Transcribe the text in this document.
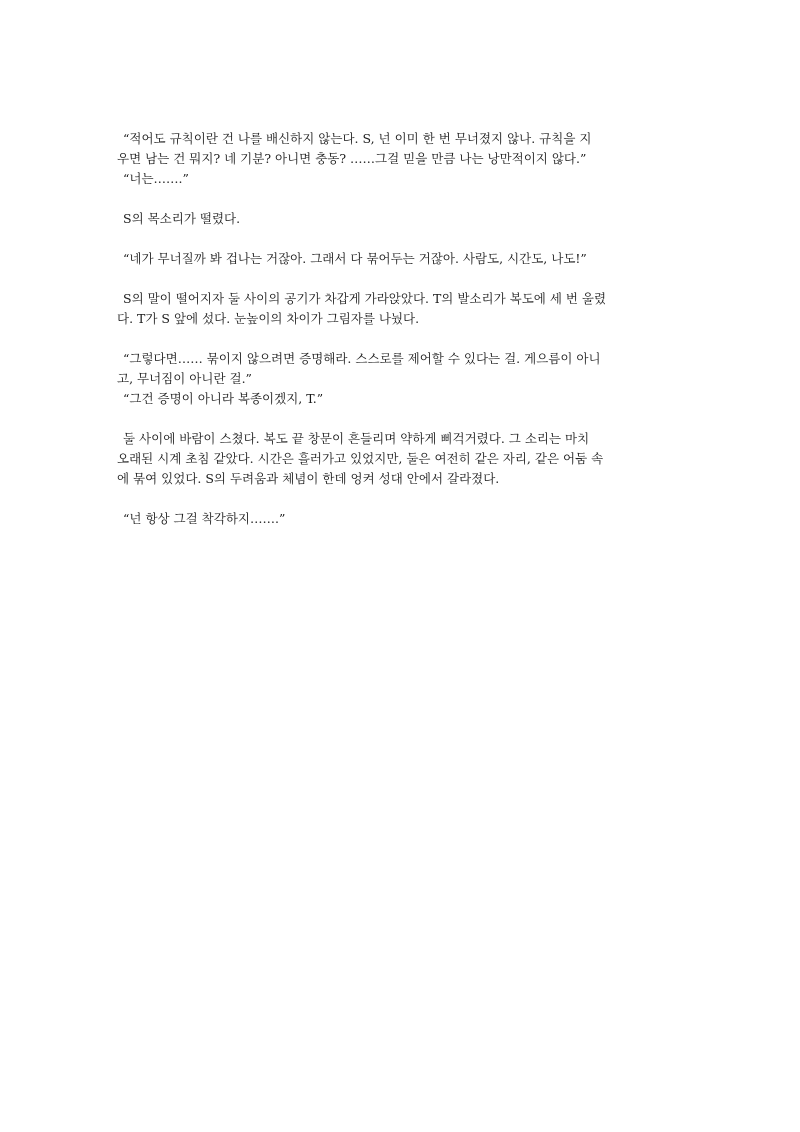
“적어도 규칙이란 건 나를 배신하지 않는다. S, 넌 이미 한 번 무너졌지 않나. 규칙을 지
우면 남는 건 뭐지? 네 기분? 아니면 충동? ……그걸 믿을 만큼 나는 낭만적이지 않다.”
“너는…….”
S의 목소리가 떨렸다.
“네가 무너질까 봐 겁나는 거잖아. 그래서 다 묶어두는 거잖아. 사람도, 시간도, 나도!”
S의 말이 떨어지자 둘 사이의 공기가 차갑게 가라앉았다. T의 발소리가 복도에 세 번 울렸
다. T가 S 앞에 섰다. 눈높이의 차이가 그림자를 나눴다.
“그렇다면…… 묶이지 않으려면 증명해라. 스스로를 제어할 수 있다는 걸. 게으름이 아니
고, 무너짐이 아니란 걸.”
“그건 증명이 아니라 복종이겠지, T.”
둘 사이에 바람이 스쳤다. 복도 끝 창문이 흔들리며 약하게 삐걱거렸다. 그 소리는 마치
오래된 시계 초침 같았다. 시간은 흘러가고 있었지만, 둘은 여전히 같은 자리, 같은 어둠 속
에 묶여 있었다. S의 두려움과 체념이 한데 엉켜 성대 안에서 갈라졌다.
“넌 항상 그걸 착각하지…….”
